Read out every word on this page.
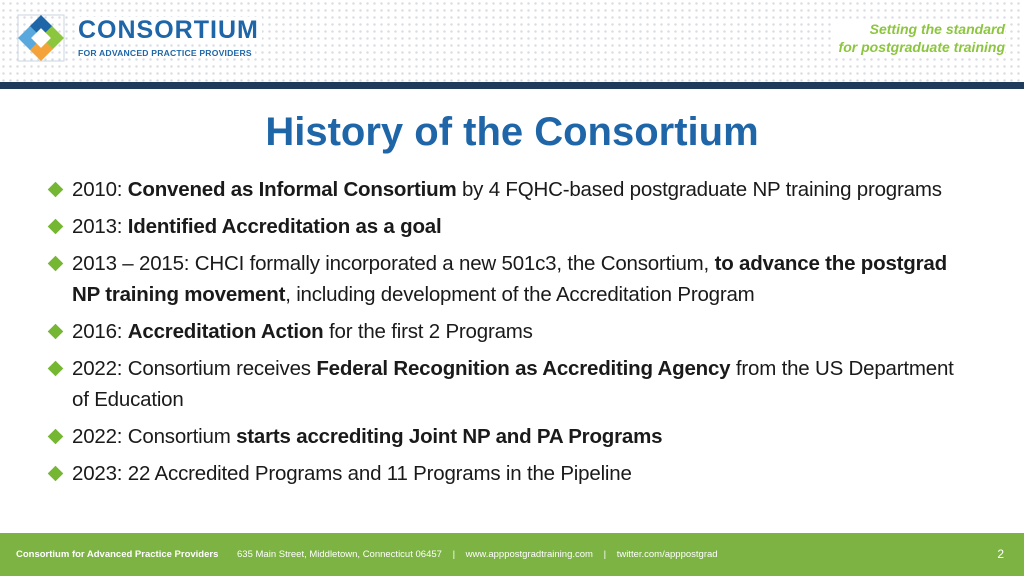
CONSORTIUM
FOR ADVANCED PRACTICE PROVIDERS
Setting the standard
for postgraduate training
History of the Consortium
2010: Convened as Informal Consortium by 4 FQHC-based postgraduate NP training programs
2013: Identified Accreditation as a goal
2013 – 2015: CHCI formally incorporated a new 501c3, the Consortium, to advance the postgrad NP training movement, including development of the Accreditation Program
2016: Accreditation Action for the first 2 Programs
2022: Consortium receives Federal Recognition as Accrediting Agency from the US Department of Education
2022: Consortium starts accrediting Joint NP and PA Programs
2023: 22 Accredited Programs and 11 Programs in the Pipeline
Consortium for Advanced Practice Providers 635 Main Street, Middletown, Connecticut 06457 | www.apppostgradtraining.com | twitter.com/apppostgrad	2
